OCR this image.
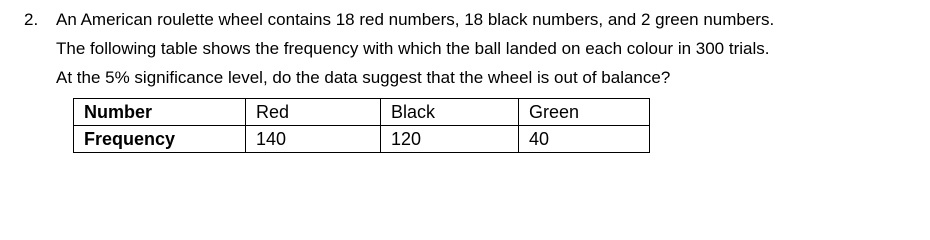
2. An American roulette wheel contains 18 red numbers, 18 black numbers, and 2 green numbers.
The following table shows the frequency with which the ball landed on each colour in 300 trials.
At the 5% significance level, do the data suggest that the wheel is out of balance?
Number	Red	Black	Green
Frequency	140	120	40
